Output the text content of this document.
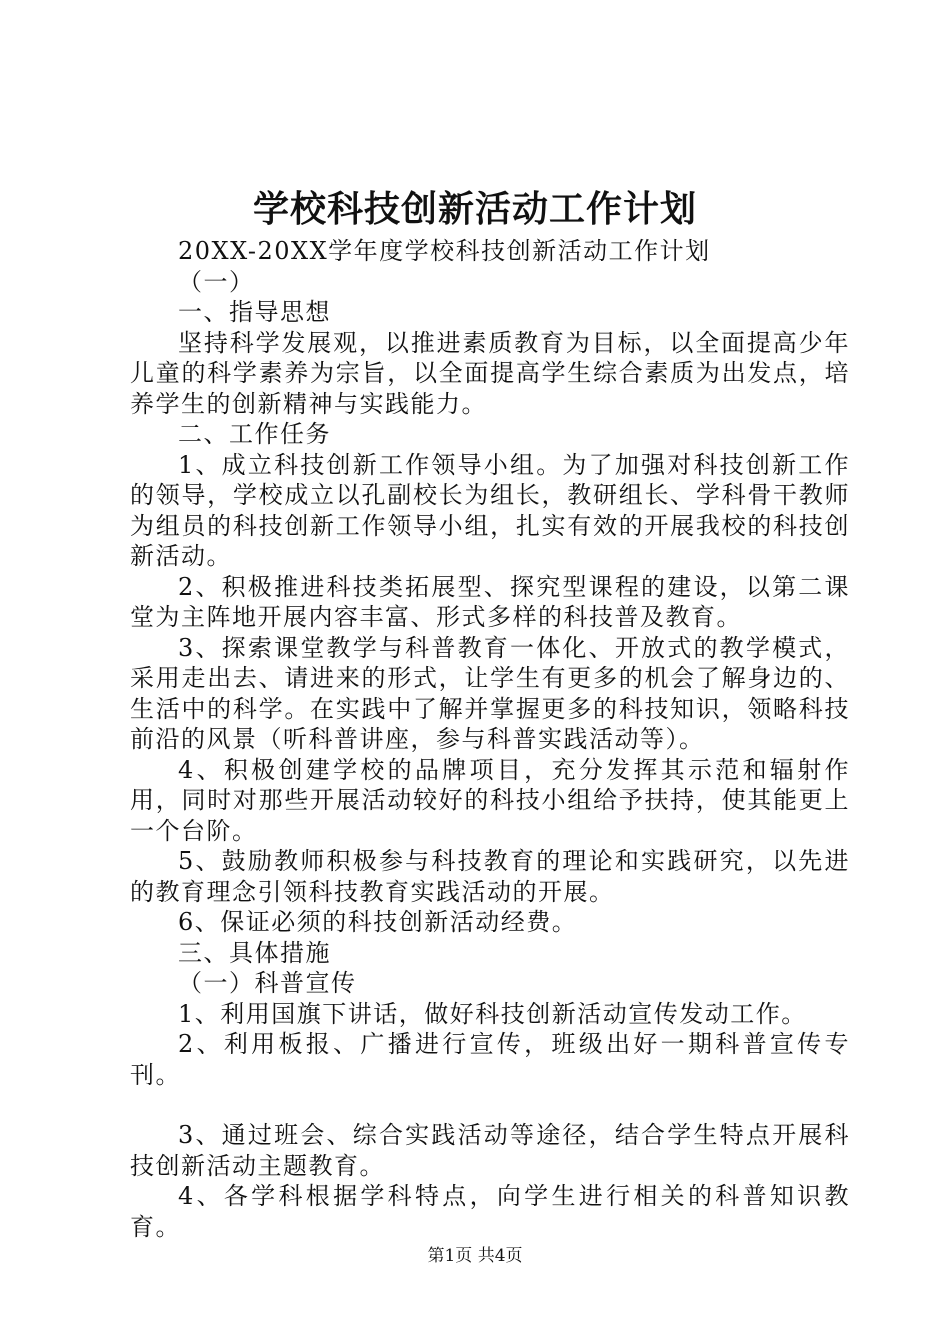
学校科技创新活动工作计划

20XX-20XX学年度学校科技创新活动工作计划

（一）

一、指导思想

坚持科学发展观，以推进素质教育为目标，以全面提高少年儿童的科学素养为宗旨，以全面提高学生综合素质为出发点，培养学生的创新精神与实践能力。

二、工作任务

1、成立科技创新工作领导小组。为了加强对科技创新工作的领导，学校成立以孔副校长为组长，教研组长、学科骨干教师为组员的科技创新工作领导小组，扎实有效的开展我校的科技创新活动。

2、积极推进科技类拓展型、探究型课程的建设，以第二课堂为主阵地开展内容丰富、形式多样的科技普及教育。

3、探索课堂教学与科普教育一体化、开放式的教学模式，采用走出去、请进来的形式，让学生有更多的机会了解身边的、生活中的科学。在实践中了解并掌握更多的科技知识，领略科技前沿的风景（听科普讲座，参与科普实践活动等）。

4、积极创建学校的品牌项目，充分发挥其示范和辐射作用，同时对那些开展活动较好的科技小组给予扶持，使其能更上一个台阶。

5、鼓励教师积极参与科技教育的理论和实践研究，以先进的教育理念引领科技教育实践活动的开展。

6、保证必须的科技创新活动经费。

三、具体措施

（一）科普宣传

1、利用国旗下讲话，做好科技创新活动宣传发动工作。

2、利用板报、广播进行宣传，班级出好一期科普宣传专刊。

3、通过班会、综合实践活动等途径，结合学生特点开展科技创新活动主题教育。

4、各学科根据学科特点，向学生进行相关的科普知识教育。

第1页 共4页
